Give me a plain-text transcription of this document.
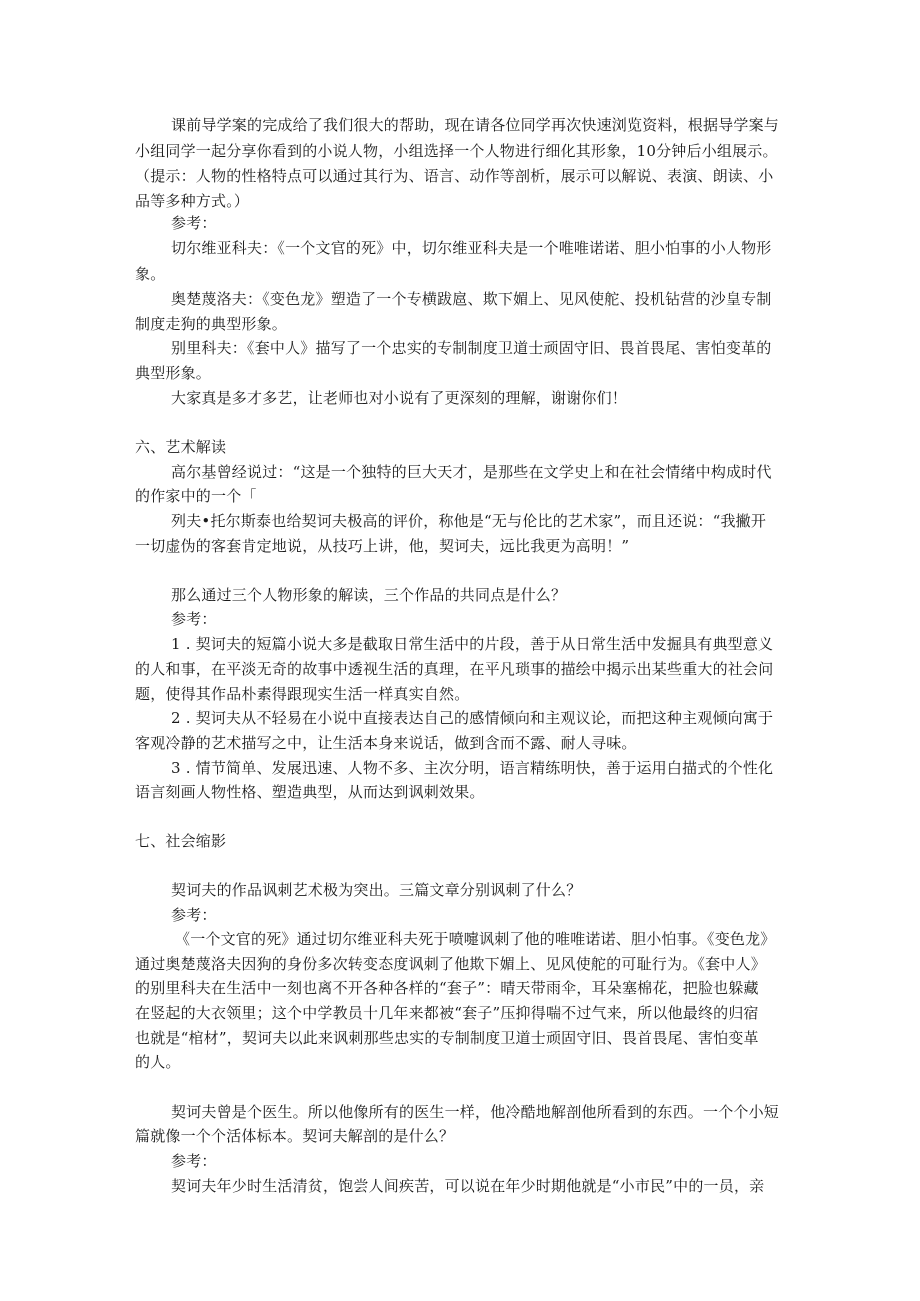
课前导学案的完成给了我们很大的帮助，现在请各位同学再次快速浏览资料，根据导学案与

小组同学一起分享你看到的小说人物，小组选择一个人物进行细化其形象，10分钟后小组展示。

（提示：人物的性格特点可以通过其行为、语言、动作等剖析，展示可以解说、表演、朗读、小

品等多种方式。）

参考：

切尔维亚科夫：《一个文官的死》中，切尔维亚科夫是一个唯唯诺诺、胆小怕事的小人物形

象。

奥楚蔑洛夫：《变色龙》塑造了一个专横跋扈、欺下媚上、见风使舵、投机钻营的沙皇专制

制度走狗的典型形象。

别里科夫：《套中人》描写了一个忠实的专制制度卫道士顽固守旧、畏首畏尾、害怕变革的

典型形象。

大家真是多才多艺，让老师也对小说有了更深刻的理解，谢谢你们！

六、艺术解读

高尔基曾经说过：“这是一个独特的巨大天才，是那些在文学史上和在社会情绪中构成时代

的作家中的一个「

列夫•托尔斯泰也给契诃夫极高的评价，称他是“无与伦比的艺术家”，而且还说：“我撇开

一切虚伪的客套肯定地说，从技巧上讲，他，契诃夫，远比我更为高明！”

那么通过三个人物形象的解读，三个作品的共同点是什么？

参考：

1 . 契诃夫的短篇小说大多是截取日常生活中的片段，善于从日常生活中发掘具有典型意义

的人和事，在平淡无奇的故事中透视生活的真理，在平凡琐事的描绘中揭示出某些重大的社会问

题，使得其作品朴素得跟现实生活一样真实自然。

2 . 契诃夫从不轻易在小说中直接表达自己的感情倾向和主观议论，而把这种主观倾向寓于

客观冷静的艺术描写之中，让生活本身来说话，做到含而不露、耐人寻味。

3 . 情节简单、发展迅速、人物不多、主次分明，语言精练明快，善于运用白描式的个性化

语言刻画人物性格、塑造典型，从而达到讽刺效果。

七、社会缩影

契诃夫的作品讽刺艺术极为突出。三篇文章分别讽刺了什么？

参考：

《一个文官的死》通过切尔维亚科夫死于喷嚏讽刺了他的唯唯诺诺、胆小怕事。《变色龙》

通过奥楚蔑洛夫因狗的身份多次转变态度讽刺了他欺下媚上、见风使舵的可耻行为。《套中人》

的别里科夫在生活中一刻也离不开各种各样的“套子”：晴天带雨伞，耳朵塞棉花，把脸也躲藏

在竖起的大衣领里；这个中学教员十几年来都被“套子”压抑得喘不过气来，所以他最终的归宿

也就是“棺材”，契诃夫以此来讽刺那些忠实的专制制度卫道士顽固守旧、畏首畏尾、害怕变革

的人。

契诃夫曾是个医生。所以他像所有的医生一样，他冷酷地解剖他所看到的东西。一个个小短

篇就像一个个活体标本。契诃夫解剖的是什么？

参考：

契诃夫年少时生活清贫，饱尝人间疾苦，可以说在年少时期他就是“小市民”中的一员，亲
